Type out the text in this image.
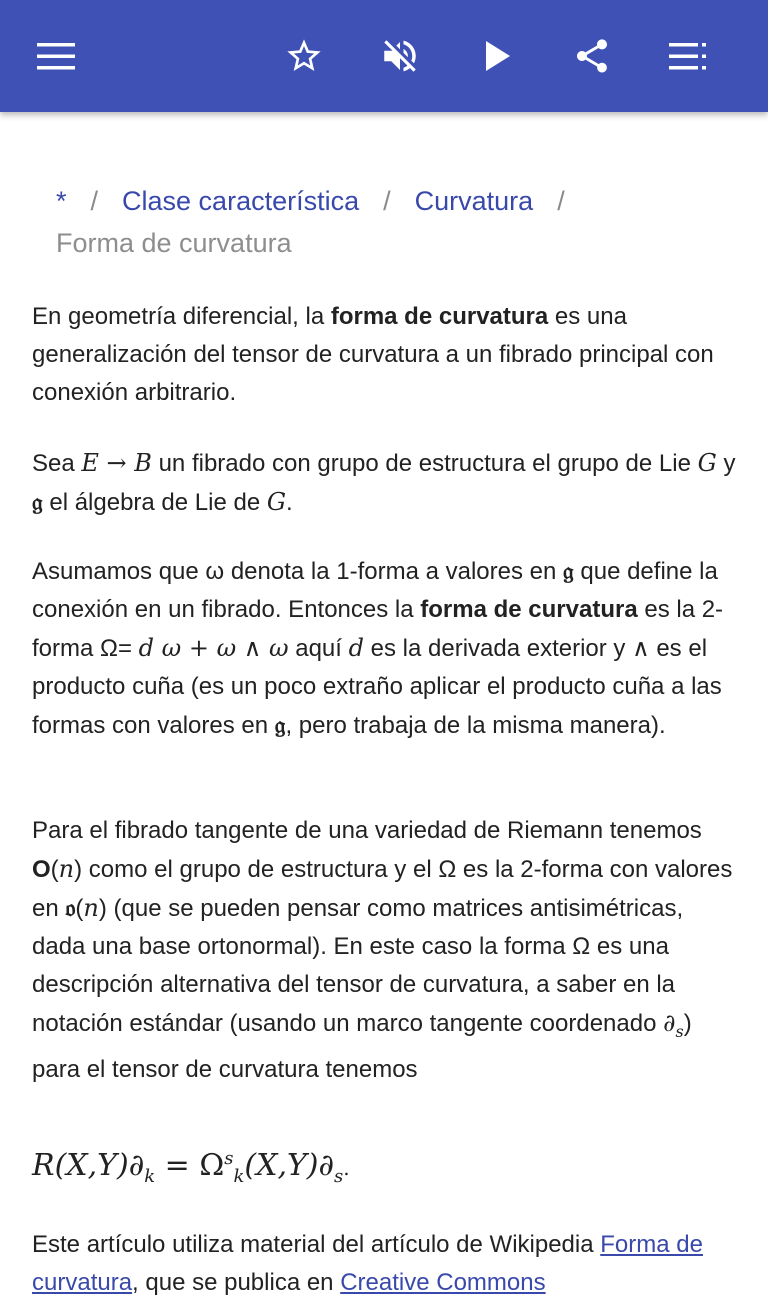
* / Clase característica / Curvatura /
Forma de curvatura

En geometría diferencial, la forma de curvatura es una generalización del tensor de curvatura a un fibrado principal con conexión arbitrario.

Sea E → B un fibrado con grupo de estructura el grupo de Lie G y 𝔤 el álgebra de Lie de G.

Asumamos que ω denota la 1-forma a valores en 𝔤 que define la conexión en un fibrado. Entonces la forma de curvatura es la 2-forma Ω= d ω + ω ∧ ω aquí d es la derivada exterior y ∧ es el producto cuña (es un poco extraño aplicar el producto cuña a las formas con valores en 𝔤, pero trabaja de la misma manera).

Para el fibrado tangente de una variedad de Riemann tenemos O(n) como el grupo de estructura y el Ω es la 2-forma con valores en 𝔬(n) (que se pueden pensar como matrices antisimétricas, dada una base ortonormal). En este caso la forma Ω es una descripción alternativa del tensor de curvatura, a saber en la notación estándar (usando un marco tangente coordenado $\partial_s$) para el tensor de curvatura tenemos

$R(X,Y)\partial_k = \Omega^s_k(X,Y)\partial_s$.

Este artículo utiliza material del artículo de Wikipedia Forma de curvatura, que se publica en Creative Commons
